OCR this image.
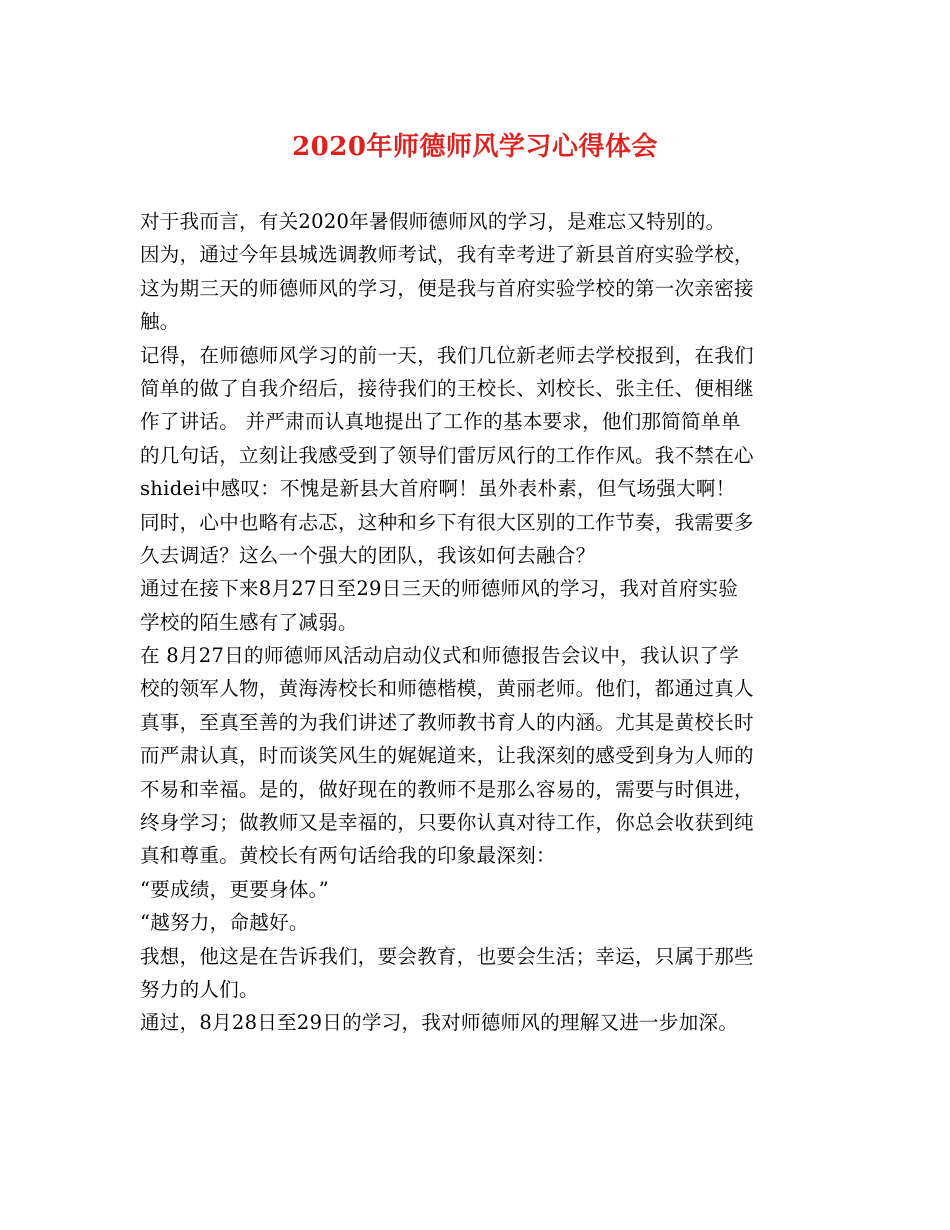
2020年师德师风学习心得体会
对于我而言，有关2020年暑假师德师风的学习，是难忘又特别的。
因为，通过今年县城选调教师考试，我有幸考进了新县首府实验学校，
这为期三天的师德师风的学习，便是我与首府实验学校的第一次亲密接
触。
记得，在师德师风学习的前一天，我们几位新老师去学校报到，在我们
简单的做了自我介绍后，接待我们的王校长、刘校长、张主任、便相继
作了讲话。 并严肃而认真地提出了工作的基本要求，他们那简简单单
的几句话，立刻让我感受到了领导们雷厉风行的工作作风。我不禁在心
shidei中感叹：不愧是新县大首府啊！虽外表朴素，但气场强大啊！
同时，心中也略有忐忑，这种和乡下有很大区别的工作节奏，我需要多
久去调适？这么一个强大的团队，我该如何去融合？
通过在接下来8月27日至29日三天的师德师风的学习，我对首府实验
学校的陌生感有了减弱。
在 8月27日的师德师风活动启动仪式和师德报告会议中，我认识了学
校的领军人物，黄海涛校长和师德楷模，黄丽老师。他们，都通过真人
真事，至真至善的为我们讲述了教师教书育人的内涵。尤其是黄校长时
而严肃认真，时而谈笑风生的娓娓道来，让我深刻的感受到身为人师的
不易和幸福。是的，做好现在的教师不是那么容易的，需要与时俱进，
终身学习；做教师又是幸福的，只要你认真对待工作，你总会收获到纯
真和尊重。黄校长有两句话给我的印象最深刻：
“要成绩，更要身体。”
“越努力，命越好。
我想，他这是在告诉我们，要会教育，也要会生活；幸运，只属于那些
努力的人们。
通过，8月28日至29日的学习，我对师德师风的理解又进一步加深。
